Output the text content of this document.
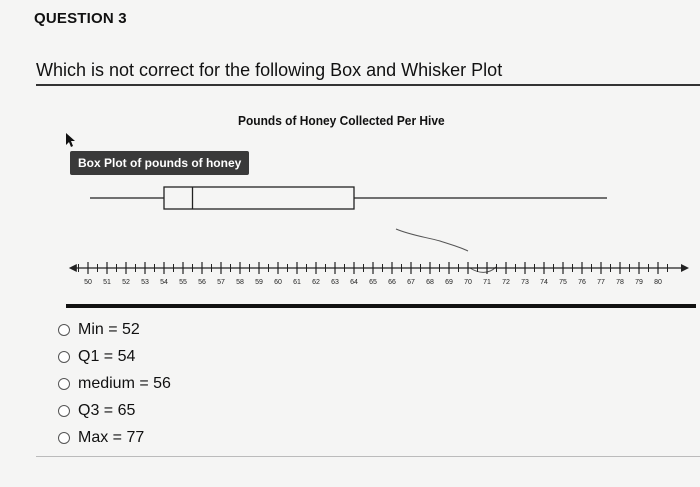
QUESTION 3
Which is not correct for the following Box and Whisker Plot
Pounds of Honey Collected Per Hive
Box Plot of pounds of honey
50 51 52 53 54 55 56 57 58 59 60 61 62 63 64 65 66 67 68 69 70 71 72 73 74 75 76 77 78 79 80
Min = 52
Q1 = 54
medium = 56
Q3 = 65
Max = 77
